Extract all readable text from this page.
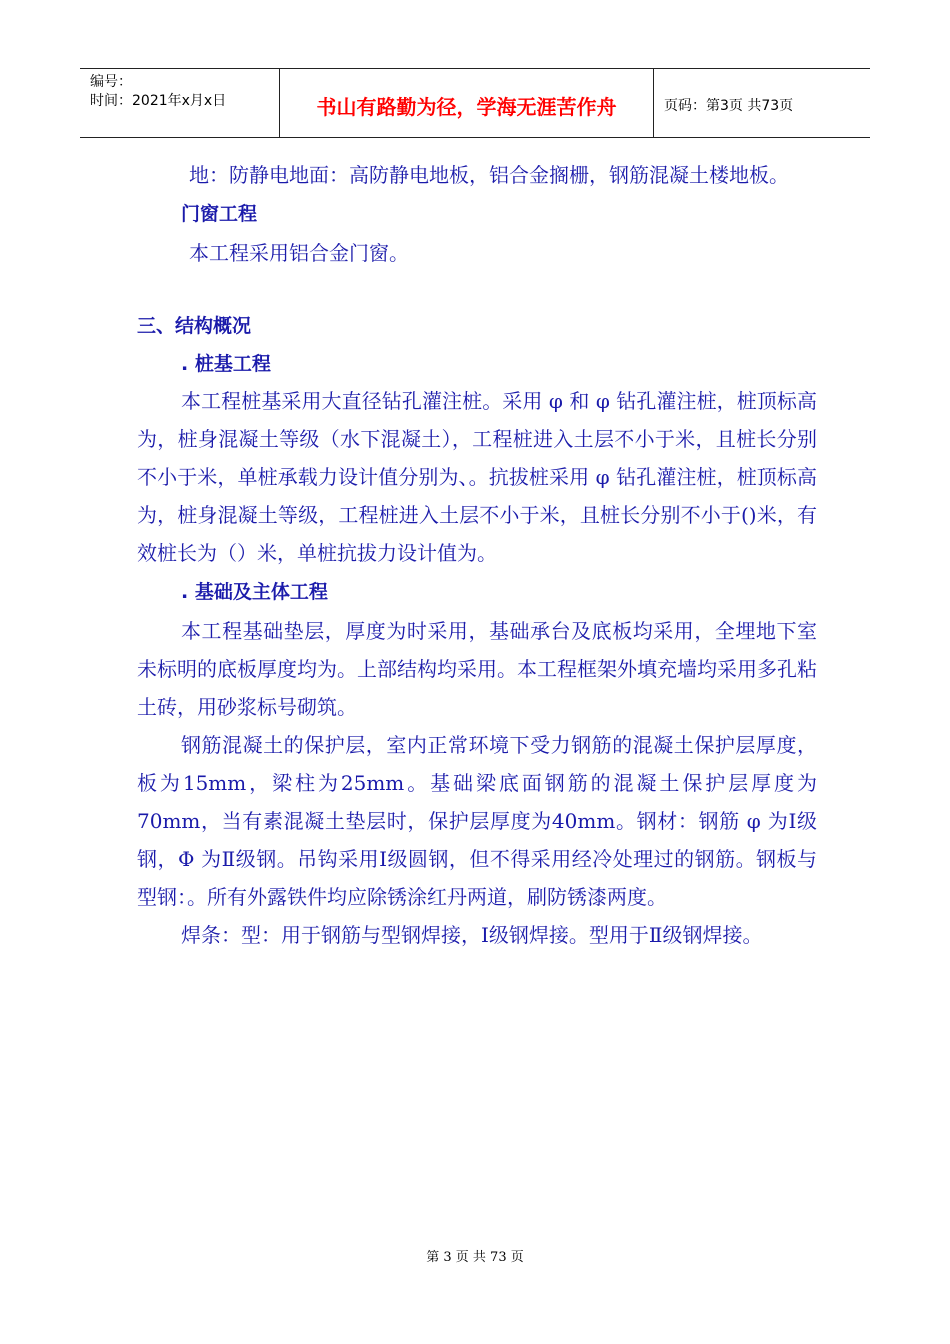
编号：
时间：2021年x月x日	书山有路勤为径，学海无涯苦作舟	页码：第3页 共73页

地：防静电地面：高防静电地板，铝合金搁栅，钢筋混凝土楼地板。

门窗工程

本工程采用铝合金门窗。

三、结构概况

. 桩基工程

本工程桩基采用大直径钻孔灌注桩。采用 φ 和 φ 钻孔灌注桩，桩顶标高为，桩身混凝土等级（水下混凝土），工程桩进入土层不小于米，且桩长分别不小于米，单桩承载力设计值分别为、。抗拔桩采用 φ 钻孔灌注桩，桩顶标高为，桩身混凝土等级，工程桩进入土层不小于米，且桩长分别不小于()米，有效桩长为（）米，单桩抗拔力设计值为。

. 基础及主体工程

本工程基础垫层，厚度为时采用，基础承台及底板均采用，全埋地下室未标明的底板厚度均为。上部结构均采用。本工程框架外填充墙均采用多孔粘土砖，用砂浆标号砌筑。

钢筋混凝土的保护层，室内正常环境下受力钢筋的混凝土保护层厚度，板为15mm，梁柱为25mm。基础梁底面钢筋的混凝土保护层厚度为70mm，当有素混凝土垫层时，保护层厚度为40mm。钢材：钢筋 φ 为Ⅰ级钢，Φ 为Ⅱ级钢。吊钩采用Ⅰ级圆钢，但不得采用经冷处理过的钢筋。钢板与型钢：。所有外露铁件均应除锈涂红丹两道，刷防锈漆两度。

焊条：型：用于钢筋与型钢焊接，Ⅰ级钢焊接。型用于Ⅱ级钢焊接。

第 3 页 共 73 页
